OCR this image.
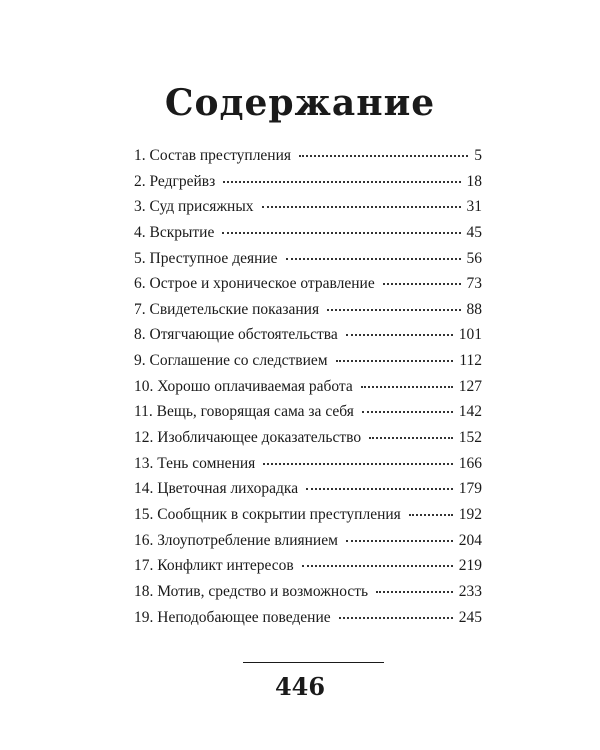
Содержание
1. Состав преступления	5
2. Редгрейвз	18
3. Суд присяжных	31
4. Вскрытие	45
5. Преступное деяние	56
6. Острое и хроническое отравление	73
7. Свидетельские показания	88
8. Отягчающие обстоятельства	101
9. Соглашение со следствием	112
10. Хорошо оплачиваемая работа	127
11. Вещь, говорящая сама за себя	142
12. Изобличающее доказательство	152
13. Тень сомнения	166
14. Цветочная лихорадка	179
15. Сообщник в сокрытии преступления	192
16. Злоупотребление влиянием	204
17. Конфликт интересов	219
18. Мотив, средство и возможность	233
19. Неподобающее поведение	245
446
